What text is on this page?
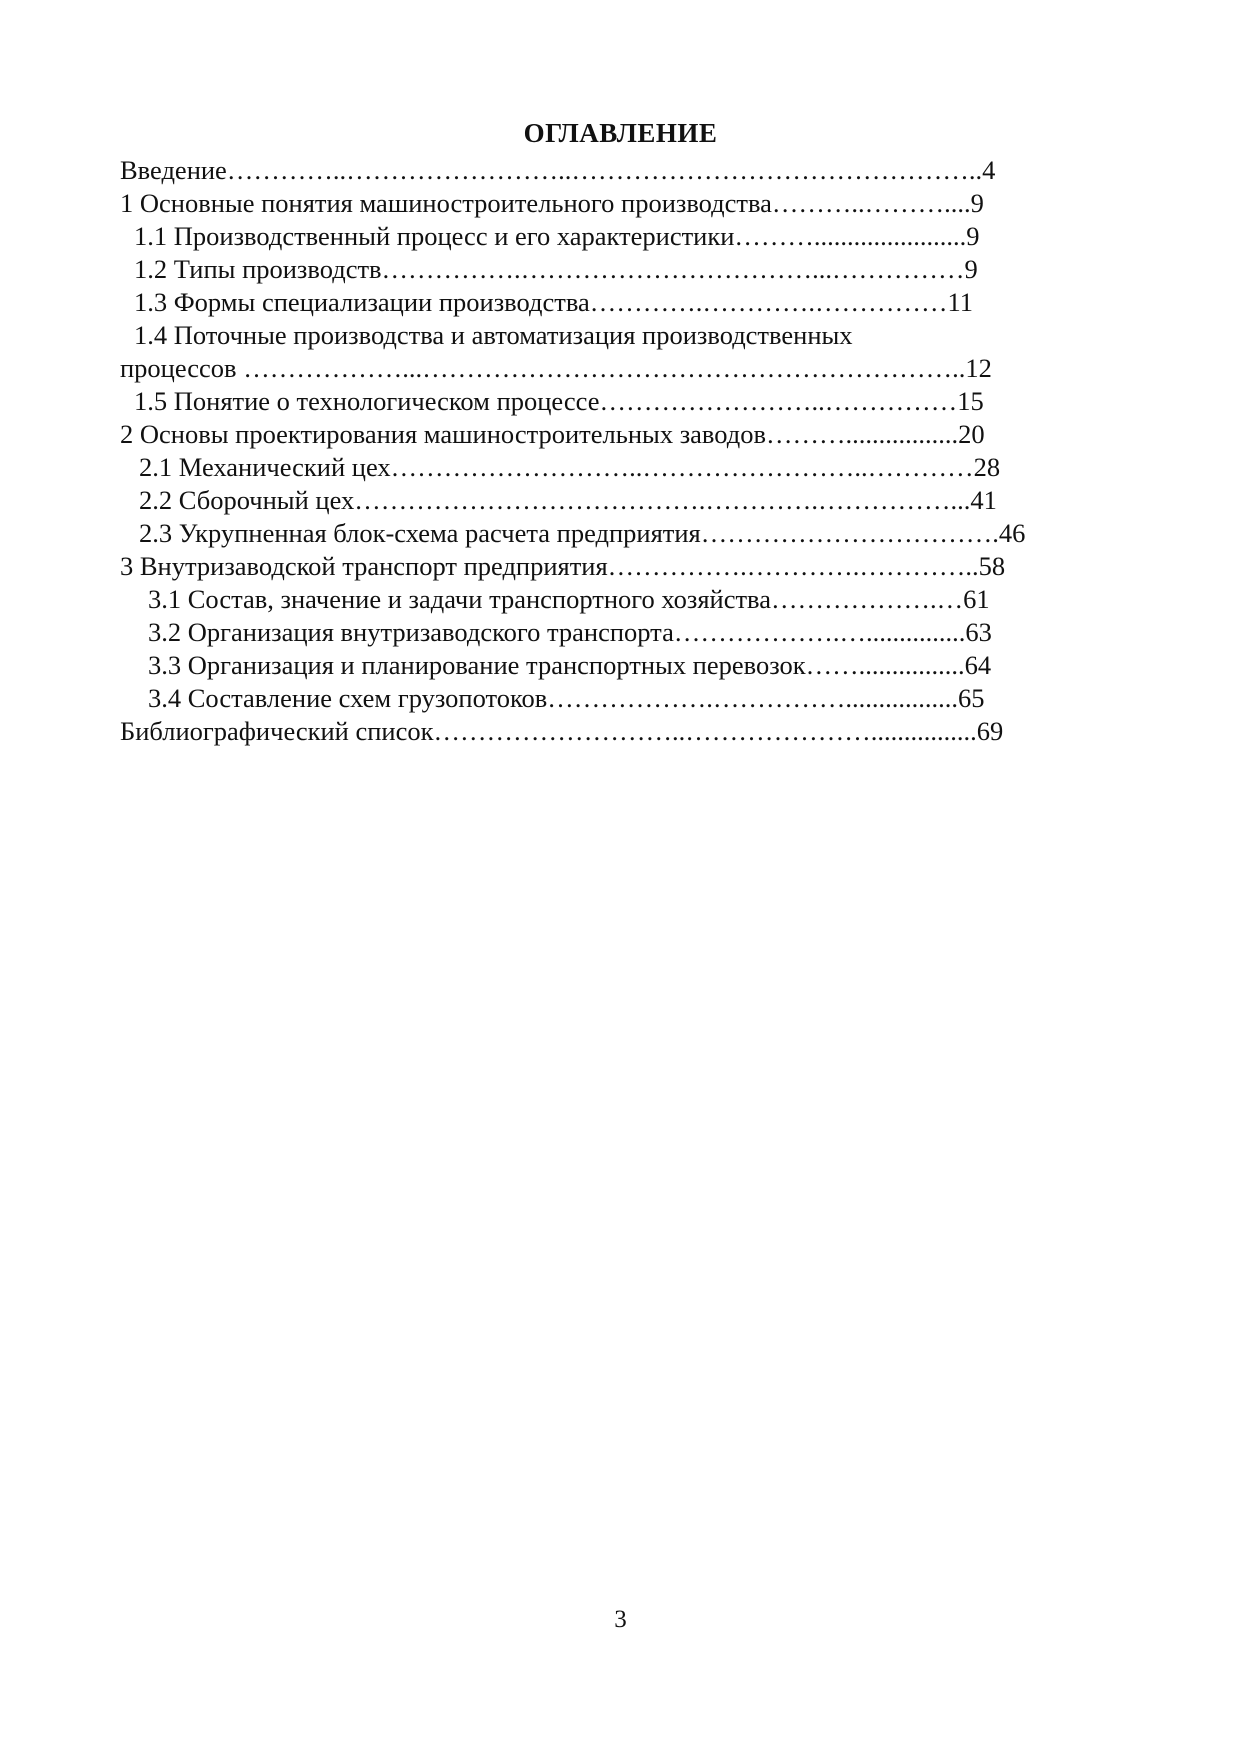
ОГЛАВЛЕНИЕ
Введение…………..……………………..………………………………………..4
1 Основные понятия машиностроительного производства………..………....9
1.1 Производственный процесс и его характеристики……….......................9
1.2 Типы производств…………….……………………………...……………9
1.3 Формы специализации производства………….………….……………11
1.4 Поточные производства и автоматизация производственных
процессов ………………...……………………………………………………..12
1.5 Понятие о технологическом процессе……………………..……………15
2 Основы проектирования машиностроительных заводов……….................20
2.1 Механический цех………………………..……………………..…………28
2.2 Сборочный цех………………………………….………….……………...41
2.3 Укрупненная блок-схема расчета предприятия…………………………….46
3 Внутризаводской транспорт предприятия…………….………….…………..58
3.1 Состав, значение и задачи транспортного хозяйства……………….…61
3.2 Организация внутризаводского транспорта……………….…...............63
3.3 Организация и планирование транспортных перевозок……................64
3.4 Составление схем грузопотоков……………….…………….................65
Библиографический список………………………..…………………................69
3
